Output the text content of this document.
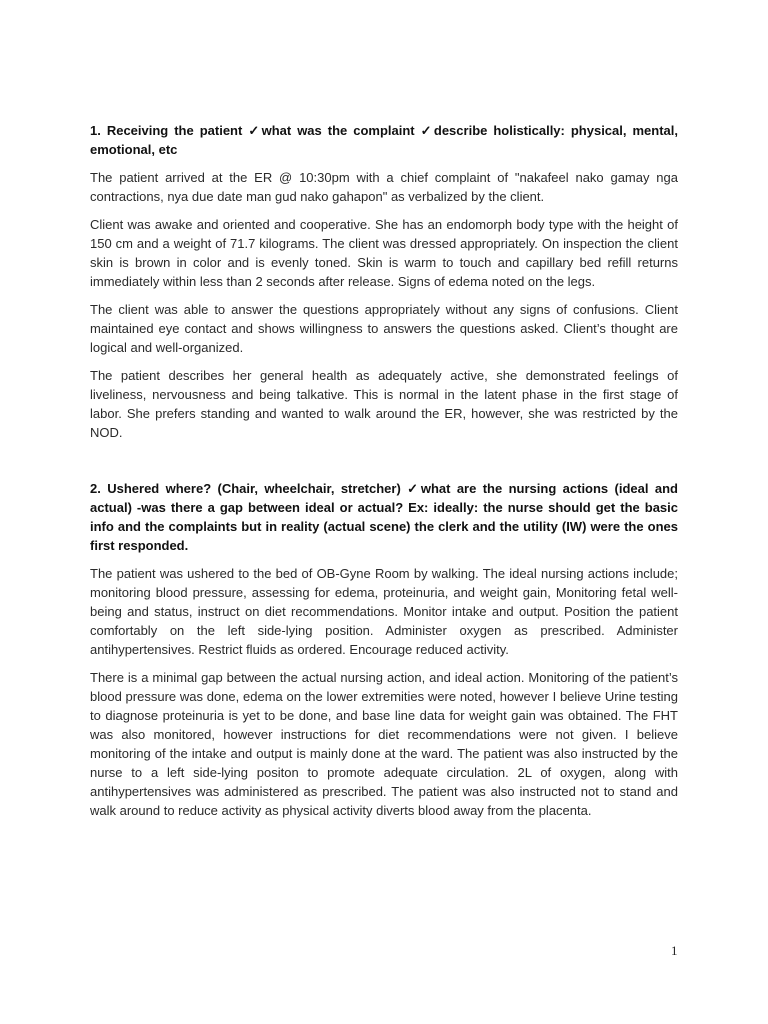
1. Receiving the patient ✓what was the complaint ✓describe holistically: physical, mental, emotional, etc

The patient arrived at the ER @ 10:30pm with a chief complaint of "nakafeel nako gamay nga contractions, nya due date man gud nako gahapon" as verbalized by the client.

Client was awake and oriented and cooperative. She has an endomorph body type with the height of 150 cm and a weight of 71.7 kilograms. The client was dressed appropriately. On inspection the client skin is brown in color and is evenly toned. Skin is warm to touch and capillary bed refill returns immediately within less than 2 seconds after release. Signs of edema noted on the legs.

The client was able to answer the questions appropriately without any signs of confusions. Client maintained eye contact and shows willingness to answers the questions asked. Client’s thought are logical and well-organized.

The patient describes her general health as adequately active, she demonstrated feelings of liveliness, nervousness and being talkative. This is normal in the latent phase in the first stage of labor. She prefers standing and wanted to walk around the ER, however, she was restricted by the NOD.

2. Ushered where? (Chair, wheelchair, stretcher) ✓what are the nursing actions (ideal and actual) -was there a gap between ideal or actual? Ex: ideally: the nurse should get the basic info and the complaints but in reality (actual scene) the clerk and the utility (IW) were the ones first responded.

The patient was ushered to the bed of OB-Gyne Room by walking. The ideal nursing actions include; monitoring blood pressure, assessing for edema, proteinuria, and weight gain, Monitoring fetal well-being and status, instruct on diet recommendations. Monitor intake and output. Position the patient comfortably on the left side-lying position. Administer oxygen as prescribed. Administer antihypertensives. Restrict fluids as ordered. Encourage reduced activity.

There is a minimal gap between the actual nursing action, and ideal action. Monitoring of the patient’s blood pressure was done, edema on the lower extremities were noted, however I believe Urine testing to diagnose proteinuria is yet to be done, and base line data for weight gain was obtained. The FHT was also monitored, however instructions for diet recommendations were not given. I believe monitoring of the intake and output is mainly done at the ward. The patient was also instructed by the nurse to a left side-lying positon to promote adequate circulation. 2L of oxygen, along with antihypertensives was administered as prescribed. The patient was also instructed not to stand and walk around to reduce activity as physical activity diverts blood away from the placenta.

1
